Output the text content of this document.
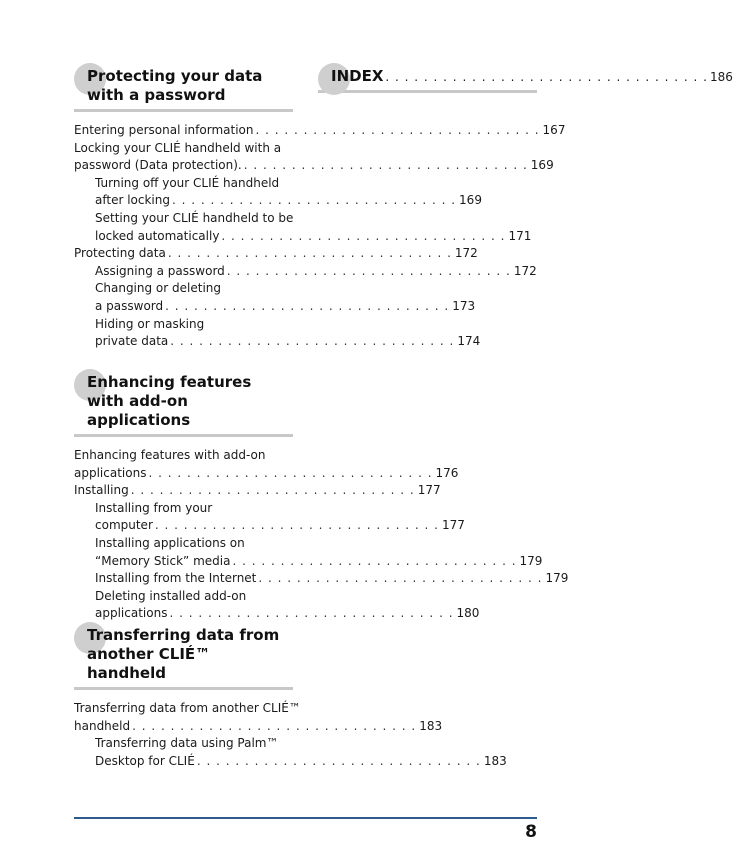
Protecting your data with a password
Entering personal information . . . . . . . . . . . . . . . . . . . . . . . . . . . . . . 167
Locking your CLIÉ handheld with a
password (Data protection). . . . . . . . . . . . . . . . . . . . . . . . . . . . . . . 169
Turning off your CLIÉ handheld
after locking . . . . . . . . . . . . . . . . . . . . . . . . . . . . . . 169
Setting your CLIÉ handheld to be
locked automatically . . . . . . . . . . . . . . . . . . . . . . . . . . . . . . 171
Protecting data . . . . . . . . . . . . . . . . . . . . . . . . . . . . . . 172
Assigning a password . . . . . . . . . . . . . . . . . . . . . . . . . . . . . . 172
Changing or deleting
a password . . . . . . . . . . . . . . . . . . . . . . . . . . . . . . 173
Hiding or masking
private data . . . . . . . . . . . . . . . . . . . . . . . . . . . . . . 174
Enhancing features with add-on applications
Enhancing features with add-on
applications . . . . . . . . . . . . . . . . . . . . . . . . . . . . . . 176
Installing . . . . . . . . . . . . . . . . . . . . . . . . . . . . . . 177
Installing from your
computer . . . . . . . . . . . . . . . . . . . . . . . . . . . . . . 177
Installing applications on
“Memory Stick” media . . . . . . . . . . . . . . . . . . . . . . . . . . . . . . 179
Installing from the Internet . . . . . . . . . . . . . . . . . . . . . . . . . . . . . . 179
Deleting installed add-on
applications . . . . . . . . . . . . . . . . . . . . . . . . . . . . . . 180
Transferring data from another CLIÉ™ handheld
Transferring data from another CLIÉ™
handheld . . . . . . . . . . . . . . . . . . . . . . . . . . . . . . 183
Transferring data using Palm™
Desktop for CLIÉ . . . . . . . . . . . . . . . . . . . . . . . . . . . . . . 183
INDEX . . . . . . . . . . . . . . . . . . . . . . . . . . . . . . . . . . 186
8
